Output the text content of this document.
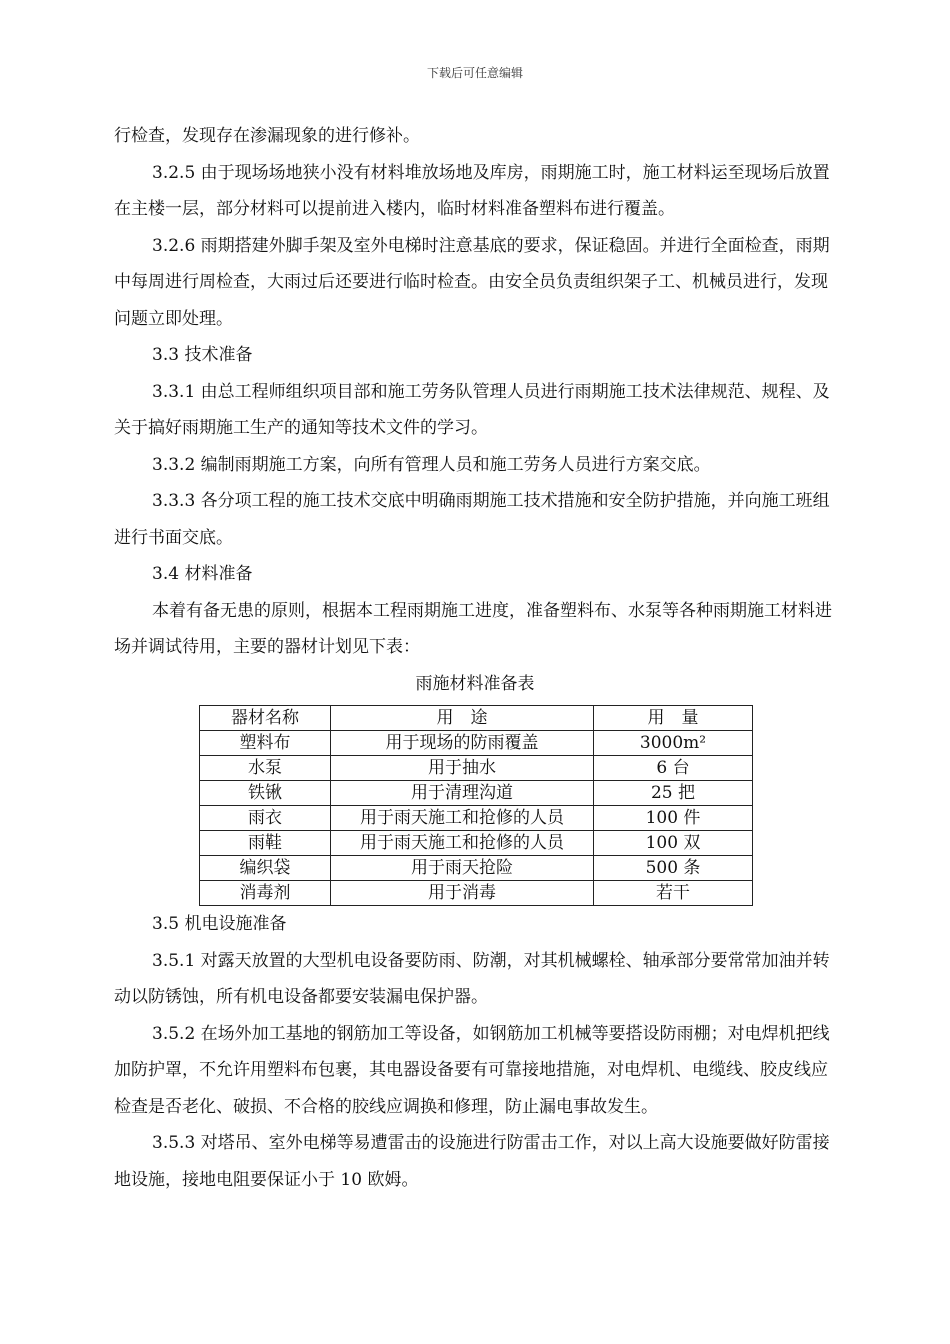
下载后可任意编辑

行检查，发现存在渗漏现象的进行修补。

3.2.5 由于现场场地狭小没有材料堆放场地及库房，雨期施工时，施工材料运至现场后放置在主楼一层，部分材料可以提前进入楼内，临时材料准备塑料布进行覆盖。

3.2.6 雨期搭建外脚手架及室外电梯时注意基底的要求，保证稳固。并进行全面检查，雨期中每周进行周检查，大雨过后还要进行临时检查。由安全员负责组织架子工、机械员进行，发现问题立即处理。

3.3 技术准备

3.3.1 由总工程师组织项目部和施工劳务队管理人员进行雨期施工技术法律规范、规程、及关于搞好雨期施工生产的通知等技术文件的学习。

3.3.2 编制雨期施工方案，向所有管理人员和施工劳务人员进行方案交底。

3.3.3 各分项工程的施工技术交底中明确雨期施工技术措施和安全防护措施，并向施工班组进行书面交底。

3.4 材料准备

本着有备无患的原则，根据本工程雨期施工进度，准备塑料布、水泵等各种雨期施工材料进场并调试待用，主要的器材计划见下表：

雨施材料准备表

器材名称	用　途	用　量
塑料布	用于现场的防雨覆盖	3000m²
水泵	用于抽水	6 台
铁锹	用于清理沟道	25 把
雨衣	用于雨天施工和抢修的人员	100 件
雨鞋	用于雨天施工和抢修的人员	100 双
编织袋	用于雨天抢险	500 条
消毒剂	用于消毒	若干

3.5 机电设施准备

3.5.1 对露天放置的大型机电设备要防雨、防潮，对其机械螺栓、轴承部分要常常加油并转动以防锈蚀，所有机电设备都要安装漏电保护器。

3.5.2 在场外加工基地的钢筋加工等设备，如钢筋加工机械等要搭设防雨棚；对电焊机把线加防护罩，不允许用塑料布包裹，其电器设备要有可靠接地措施，对电焊机、电缆线、胶皮线应检查是否老化、破损、不合格的胶线应调换和修理，防止漏电事故发生。

3.5.3 对塔吊、室外电梯等易遭雷击的设施进行防雷击工作，对以上高大设施要做好防雷接地设施，接地电阻要保证小于 10 欧姆。
